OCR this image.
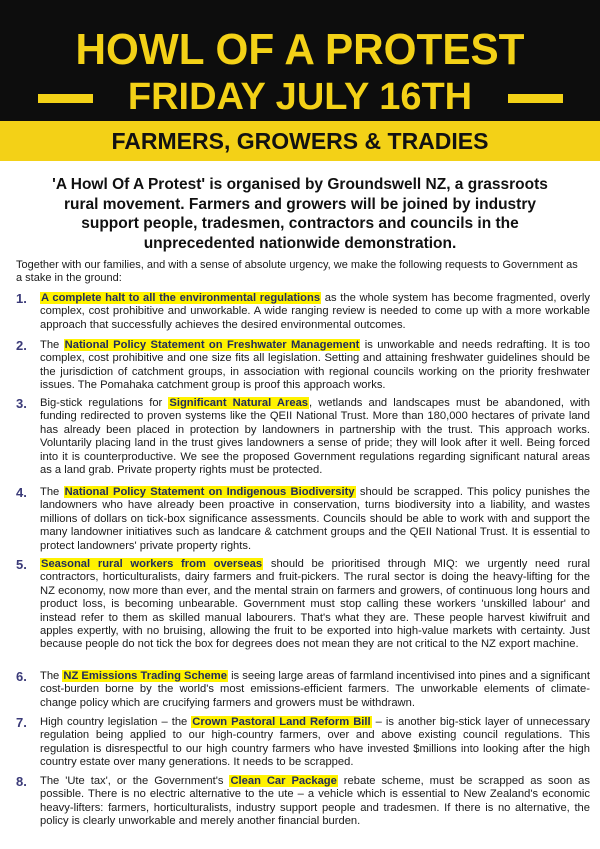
HOWL OF A PROTEST
FRIDAY JULY 16TH
FARMERS, GROWERS & TRADIES

'A Howl Of A Protest' is organised by Groundswell NZ, a grassroots rural movement. Farmers and growers will be joined by industry support people, tradesmen, contractors and councils in the unprecedented nationwide demonstration.

Together with our families, and with a sense of absolute urgency, we make the following requests to Government as a stake in the ground:

1.	A complete halt to all the environmental regulations as the whole system has become fragmented, overly complex, cost prohibitive and unworkable. A wide ranging review is needed to come up with a more workable approach that successfully achieves the desired environmental outcomes.
2.	The National Policy Statement on Freshwater Management is unworkable and needs redrafting. It is too complex, cost prohibitive and one size fits all legislation. Setting and attaining freshwater guidelines should be the jurisdiction of catchment groups, in association with regional councils working on the priority freshwater issues. The Pomahaka catchment group is proof this approach works.
3.	Big-stick regulations for Significant Natural Areas, wetlands and landscapes must be abandoned, with funding redirected to proven systems like the QEII National Trust. More than 180,000 hectares of private land has already been placed in protection by landowners in partnership with the trust. This approach works. Voluntarily placing land in the trust gives landowners a sense of pride; they will look after it well. Being forced into it is counterproductive. We see the proposed Government regulations regarding significant natural areas as a land grab. Private property rights must be protected.
4.	The National Policy Statement on Indigenous Biodiversity should be scrapped. This policy punishes the landowners who have already been proactive in conservation, turns biodiversity into a liability, and wastes millions of dollars on tick-box significance assessments. Councils should be able to work with and support the many landowner initiatives such as landcare & catchment groups and the QEII National Trust. It is essential to protect landowners' private property rights.
5.	Seasonal rural workers from overseas should be prioritised through MIQ: we urgently need rural contractors, horticulturalists, dairy farmers and fruit-pickers. The rural sector is doing the heavy-lifting for the NZ economy, now more than ever, and the mental strain on farmers and growers, of continuous long hours and product loss, is becoming unbearable. Government must stop calling these workers 'unskilled labour' and instead refer to them as skilled manual labourers. That's what they are. These people harvest kiwifruit and apples expertly, with no bruising, allowing the fruit to be exported into high-value markets with certainty. Just because people do not tick the box for degrees does not mean they are not critical to the NZ export machine.
6.	The NZ Emissions Trading Scheme is seeing large areas of farmland incentivised into pines and a significant cost-burden borne by the world's most emissions-efficient farmers. The unworkable elements of climate-change policy which are crucifying farmers and growers must be withdrawn.
7.	High country legislation – the Crown Pastoral Land Reform Bill – is another big-stick layer of unnecessary regulation being applied to our high-country farmers, over and above existing council regulations. This regulation is disrespectful to our high country farmers who have invested $millions into looking after the high country estate over many generations. It needs to be scrapped.
8.	The 'Ute tax', or the Government's Clean Car Package rebate scheme, must be scrapped as soon as possible. There is no electric alternative to the ute – a vehicle which is essential to New Zealand's economic heavy-lifters: farmers, horticulturalists, industry support people and tradesmen. If there is no alternative, the policy is clearly unworkable and merely another financial burden.
